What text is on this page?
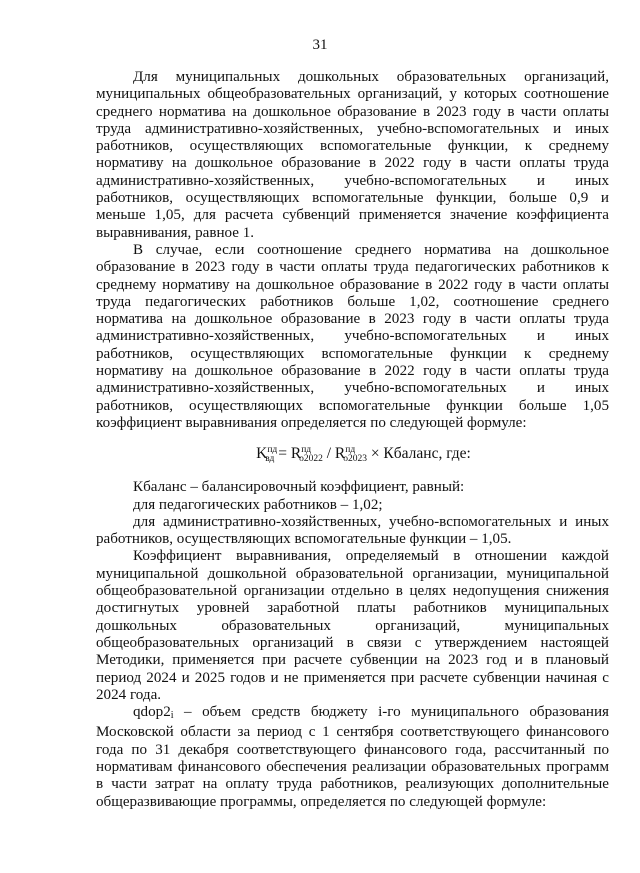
31

Для муниципальных дошкольных образовательных организаций, муниципальных общеобразовательных организаций, у которых соотношение среднего норматива на дошкольное образование в 2023 году в части оплаты труда административно-хозяйственных, учебно-вспомогательных и иных работников, осуществляющих вспомогательные функции, к среднему нормативу на дошкольное образование в 2022 году в части оплаты труда административно-хозяйственных, учебно-вспомогательных и иных работников, осуществляющих вспомогательные функции, больше 0,9 и меньше 1,05, для расчета субвенций применяется значение коэффициента выравнивания, равное 1.

В случае, если соотношение среднего норматива на дошкольное образование в 2023 году в части оплаты труда педагогических работников к среднему нормативу на дошкольное образование в 2022 году в части оплаты труда педагогических работников больше 1,02, соотношение среднего норматива на дошкольное образование в 2023 году в части оплаты труда административно-хозяйственных, учебно-вспомогательных и иных работников, осуществляющих вспомогательные функции к среднему нормативу на дошкольное образование в 2022 году в части оплаты труда административно-хозяйственных, учебно-вспомогательных и иных работников, осуществляющих вспомогательные функции больше 1,05 коэффициент выравнивания определяется по следующей формуле:

$K^{пд}вд = R^{пд}о2022 / R^{пд}о2023$ × Кбаланс, где:

Кбаланс – балансировочный коэффициент, равный:

для педагогических работников – 1,02;

для административно-хозяйственных, учебно-вспомогательных и иных работников, осуществляющих вспомогательные функции – 1,05.

Коэффициент выравнивания, определяемый в отношении каждой муниципальной дошкольной образовательной организации, муниципальной общеобразовательной организации отдельно в целях недопущения снижения достигнутых уровней заработной платы работников муниципальных дошкольных образовательных организаций, муниципальных общеобразовательных организаций в связи с утверждением настоящей Методики, применяется при расчете субвенции на 2023 год и в плановый период 2024 и 2025 годов и не применяется при расчете субвенции начиная с 2024 года.

qdop2i – объем средств бюджету i-го муниципального образования Московской области за период с 1 сентября соответствующего финансового года по 31 декабря соответствующего финансового года, рассчитанный по нормативам финансового обеспечения реализации образовательных программ в части затрат на оплату труда работников, реализующих дополнительные общеразвивающие программы, определяется по следующей формуле:
